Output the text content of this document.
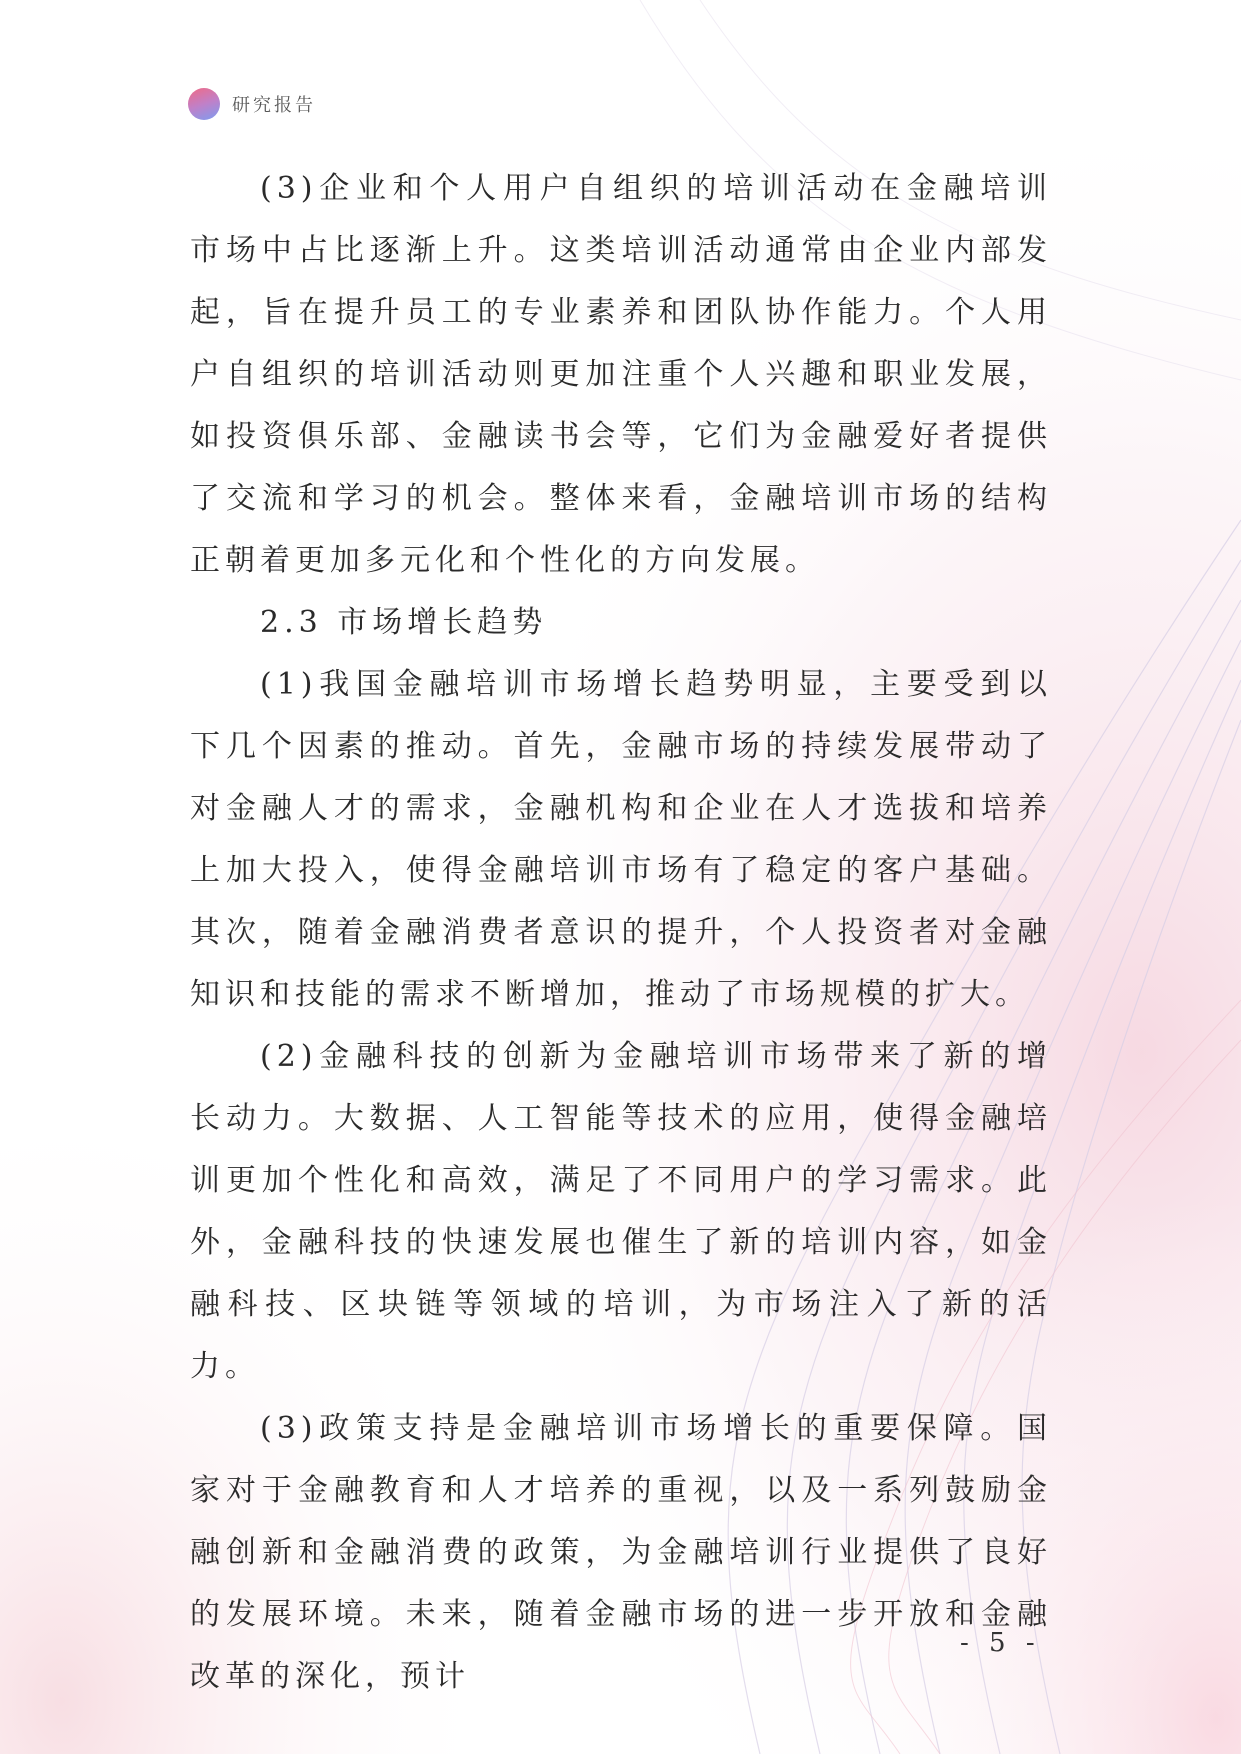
研究报告

(3)企业和个人用户自组织的培训活动在金融培训市场中占比逐渐上升。这类培训活动通常由企业内部发起，旨在提升员工的专业素养和团队协作能力。个人用户自组织的培训活动则更加注重个人兴趣和职业发展，如投资俱乐部、金融读书会等，它们为金融爱好者提供了交流和学习的机会。整体来看，金融培训市场的结构正朝着更加多元化和个性化的方向发展。

2.3 市场增长趋势

(1)我国金融培训市场增长趋势明显，主要受到以下几个因素的推动。首先，金融市场的持续发展带动了对金融人才的需求，金融机构和企业在人才选拔和培养上加大投入，使得金融培训市场有了稳定的客户基础。其次，随着金融消费者意识的提升，个人投资者对金融知识和技能的需求不断增加，推动了市场规模的扩大。

(2)金融科技的创新为金融培训市场带来了新的增长动力。大数据、人工智能等技术的应用，使得金融培训更加个性化和高效，满足了不同用户的学习需求。此外，金融科技的快速发展也催生了新的培训内容，如金融科技、区块链等领域的培训，为市场注入了新的活力。

(3)政策支持是金融培训市场增长的重要保障。国家对于金融教育和人才培养的重视，以及一系列鼓励金融创新和金融消费的政策，为金融培训行业提供了良好的发展环境。未来，随着金融市场的进一步开放和金融改革的深化，预计

- 5 -
